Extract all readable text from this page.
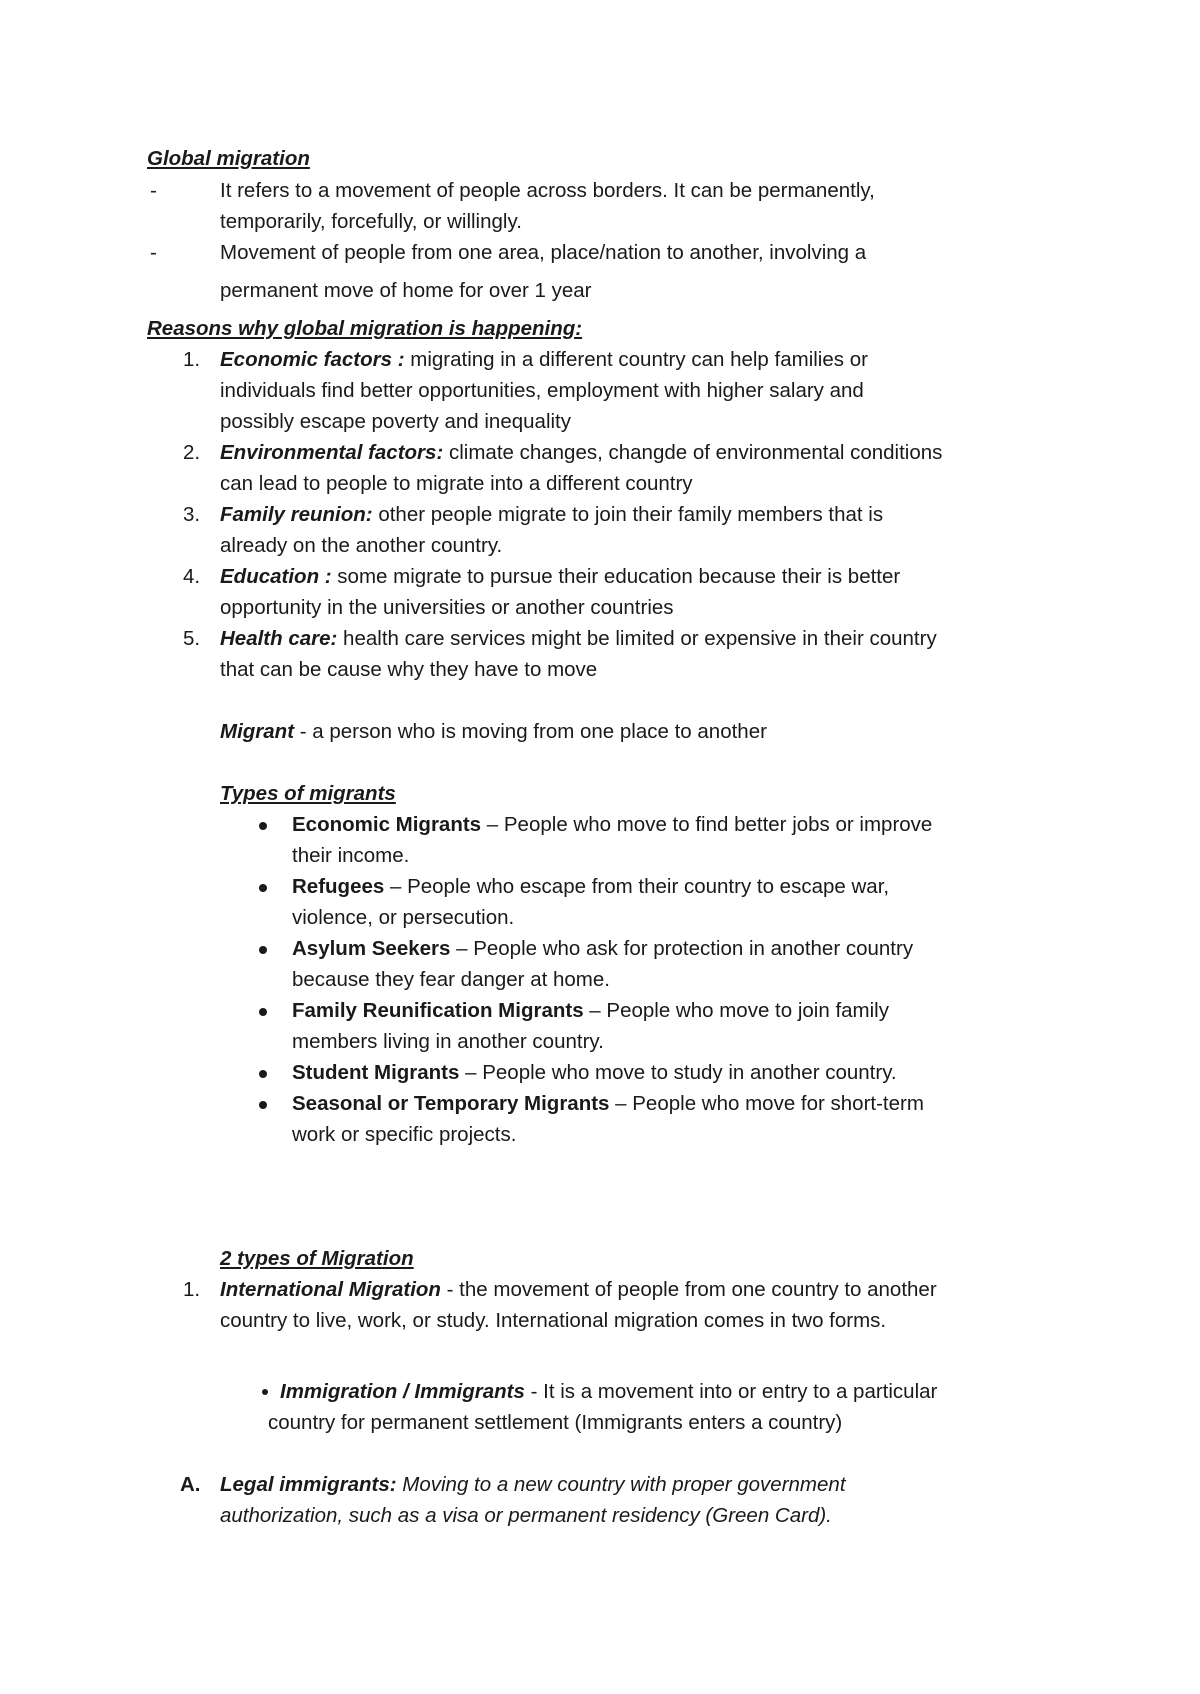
Global migration
-	It refers to a movement of people across borders. It can be permanently,
temporarily, forcefully, or willingly.
-	Movement of people from one area, place/nation to another, involving a
permanent move of home for over 1 year
Reasons why global migration is happening:
1. Economic factors : migrating in a different country can help families or
individuals find better opportunities, employment with higher salary and
possibly escape poverty and inequality
2. Environmental factors: climate changes, changde of environmental conditions
can lead to people to migrate into a different country
3. Family reunion: other people migrate to join their family members that is
already on the another country.
4. Education : some migrate to pursue their education because their is better
opportunity in the universities or another countries
5. Health care: health care services might be limited or expensive in their country
that can be cause why they have to move
Migrant - a person who is moving from one place to another
Types of migrants
Economic Migrants – People who move to find better jobs or improve
their income.
Refugees – People who escape from their country to escape war,
violence, or persecution.
Asylum Seekers – People who ask for protection in another country
because they fear danger at home.
Family Reunification Migrants – People who move to join family
members living in another country.
Student Migrants – People who move to study in another country.
Seasonal or Temporary Migrants – People who move for short-term
work or specific projects.
2 types of Migration
1. International Migration - the movement of people from one country to another
country to live, work, or study. International migration comes in two forms.
Immigration / Immigrants - It is a movement into or entry to a particular
country for permanent settlement (Immigrants enters a country)
A. Legal immigrants: Moving to a new country with proper government
authorization, such as a visa or permanent residency (Green Card).
